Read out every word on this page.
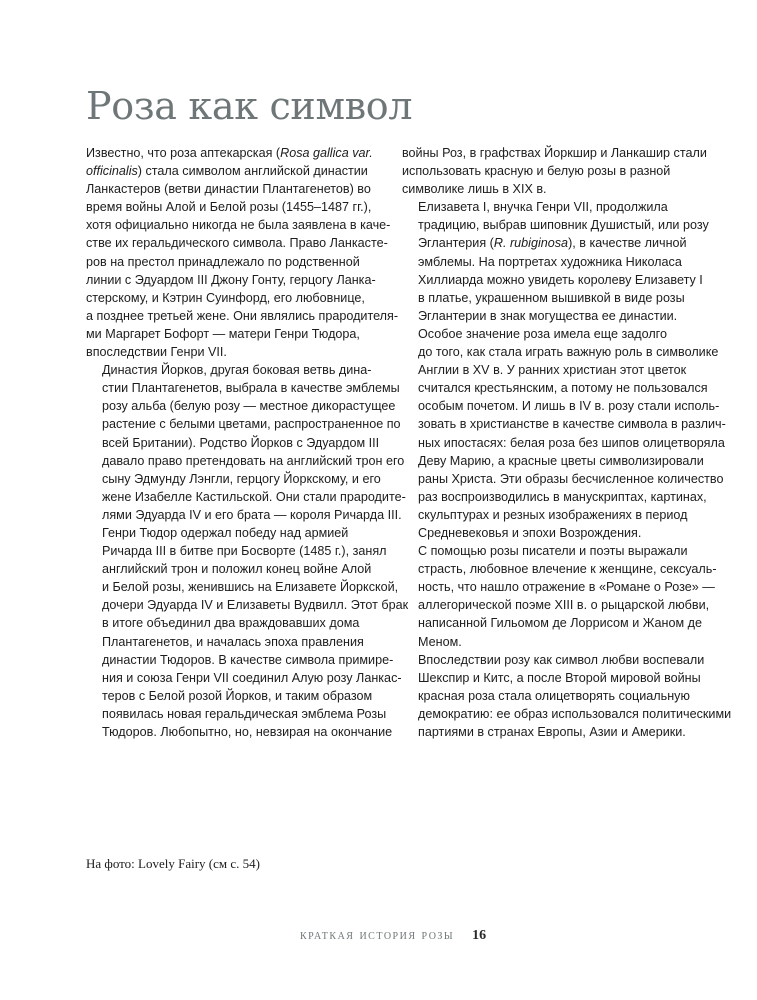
Роза как символ

Известно, что роза аптекарская (Rosa gallica var.
officinalis) стала символом английской династии
Ланкастеров (ветви династии Плантагенетов) во
время войны Алой и Белой розы (1455–1487 гг.),
хотя официально никогда не была заявлена в каче-
стве их геральдического символа. Право Ланкасте-
ров на престол принадлежало по родственной
линии с Эдуардом III Джону Гонту, герцогу Ланка-
стерскому, и Кэтрин Суинфорд, его любовнице,
а позднее третьей жене. Они являлись прародителя-
ми Маргарет Бофорт — матери Генри Тюдора,
впоследствии Генри VII.

Династия Йорков, другая боковая ветвь дина-
стии Плантагенетов, выбрала в качестве эмблемы
розу альба (белую розу — местное дикорастущее
растение с белыми цветами, распространенное по
всей Британии). Родство Йорков с Эдуардом III
давало право претендовать на английский трон его
сыну Эдмунду Лэнгли, герцогу Йоркскому, и его
жене Изабелле Кастильской. Они стали прародите-
лями Эдуарда IV и его брата — короля Ричарда III.

Генри Тюдор одержал победу над армией
Ричарда III в битве при Босворте (1485 г.), занял
английский трон и положил конец войне Алой
и Белой розы, женившись на Елизавете Йоркской,
дочери Эдуарда IV и Елизаветы Вудвилл. Этот брак
в итоге объединил два враждовавших дома
Плантагенетов, и началась эпоха правления
династии Тюдоров. В качестве символа примире-
ния и союза Генри VII соединил Алую розу Ланкас-
теров с Белой розой Йорков, и таким образом
появилась новая геральдическая эмблема Розы
Тюдоров. Любопытно, но, невзирая на окончание

войны Роз, в графствах Йоркшир и Ланкашир стали
использовать красную и белую розы в разной
символике лишь в XIX в.

Елизавета I, внучка Генри VII, продолжила
традицию, выбрав шиповник Душистый, или розу
Эглантерия (R. rubiginosa), в качестве личной
эмблемы. На портретах художника Николаса
Хиллиарда можно увидеть королеву Елизавету I
в платье, украшенном вышивкой в виде розы
Эглантерии в знак могущества ее династии.

Особое значение роза имела еще задолго
до того, как стала играть важную роль в символике
Англии в XV в. У ранних христиан этот цветок
считался крестьянским, а потому не пользовался
особым почетом. И лишь в IV в. розу стали исполь-
зовать в христианстве в качестве символа в различ-
ных ипостасях: белая роза без шипов олицетворяла
Деву Марию, а красные цветы символизировали
раны Христа. Эти образы бесчисленное количество
раз воспроизводились в манускриптах, картинах,
скульптурах и резных изображениях в период
Средневековья и эпохи Возрождения.

С помощью розы писатели и поэты выражали
страсть, любовное влечение к женщине, сексуаль-
ность, что нашло отражение в «Романе о Розе» —
аллегорической поэме XIII в. о рыцарской любви,
написанной Гильомом де Лоррисом и Жаном де
Меном.

Впоследствии розу как символ любви воспевали
Шекспир и Китс, а после Второй мировой войны
красная роза стала олицетворять социальную
демократию: ее образ использовался политическими
партиями в странах Европы, Азии и Америки.

На фото: Lovely Fairy (см с. 54)

краткая история розы 16
